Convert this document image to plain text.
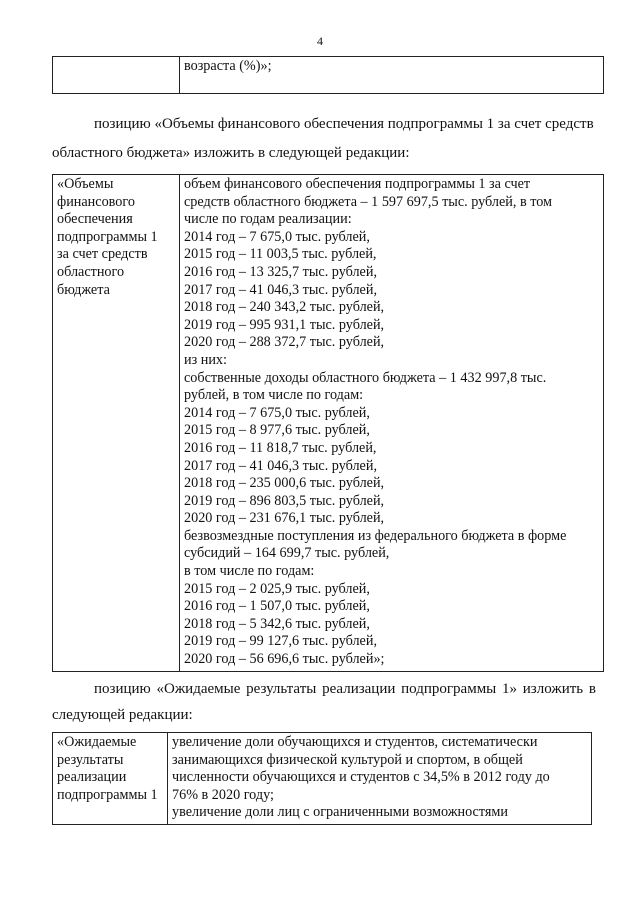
4
	возраста (%)»;
позицию «Объемы финансового обеспечения подпрограммы 1 за счет средств
областного бюджета» изложить в следующей редакции:
«Объемы
финансового
обеспечения
подпрограммы 1
за счет средств
областного
бюджета

объем финансового обеспечения подпрограммы 1 за счет
средств областного бюджета – 1 597 697,5 тыс. рублей, в том
числе по годам реализации:
2014 год – 7 675,0 тыс. рублей,
2015 год – 11 003,5 тыс. рублей,
2016 год – 13 325,7 тыс. рублей,
2017 год – 41 046,3 тыс. рублей,
2018 год – 240 343,2 тыс. рублей,
2019 год – 995 931,1 тыс. рублей,
2020 год – 288 372,7 тыс. рублей,
из них:
собственные доходы областного бюджета – 1 432 997,8 тыс.
рублей, в том числе по годам:
2014 год – 7 675,0 тыс. рублей,
2015 год – 8 977,6 тыс. рублей,
2016 год – 11 818,7 тыс. рублей,
2017 год – 41 046,3 тыс. рублей,
2018 год – 235 000,6 тыс. рублей,
2019 год – 896 803,5 тыс. рублей,
2020 год – 231 676,1 тыс. рублей,
безвозмездные поступления из федерального бюджета в форме
субсидий – 164 699,7 тыс. рублей,
в том числе по годам:
2015 год – 2 025,9 тыс. рублей,
2016 год – 1 507,0 тыс. рублей,
2018 год – 5 342,6 тыс. рублей,
2019 год – 99 127,6 тыс. рублей,
2020 год – 56 696,6 тыс. рублей»;
позицию «Ожидаемые результаты реализации подпрограммы 1» изложить в
следующей редакции:
«Ожидаемые
результаты
реализации
подпрограммы 1

увеличение доли обучающихся и студентов, систематически
занимающихся физической культурой и спортом, в общей
численности обучающихся и студентов с 34,5% в 2012 году до
76% в 2020 году;
увеличение доли лиц с ограниченными возможностями
